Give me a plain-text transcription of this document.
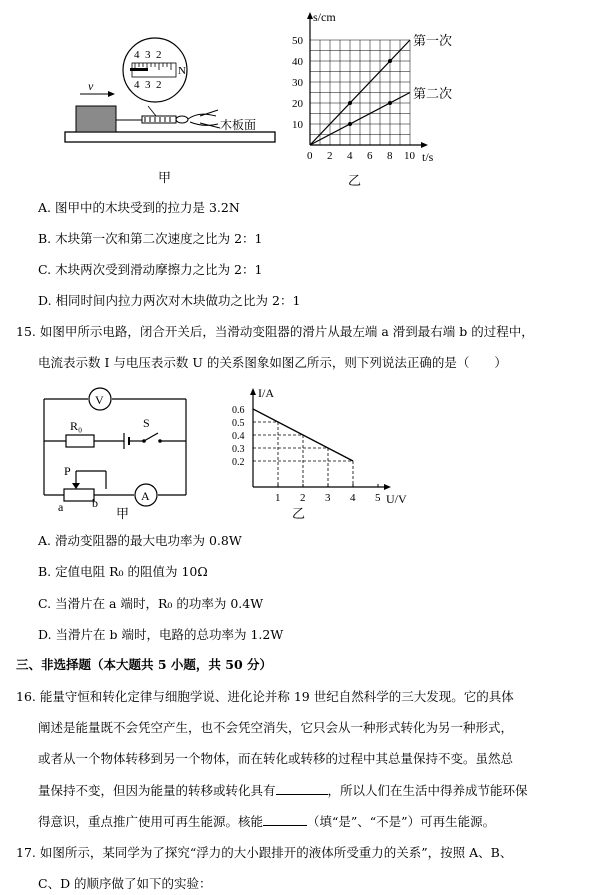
v
木板面
4  3  2
N
4  3  2
甲
10
20
30
40
50
0 2 4 6 8 10
s/cm
t/s
第一次
第二次
乙
A. 图甲中的木块受到的拉力是 3.2N
B. 木块第一次和第二次速度之比为 2：1
C. 木块两次受到滑动摩擦力之比为 2：1
D. 相同时间内拉力两次对木块做功之比为 2：1
15. 如图甲所示电路，闭合开关后，当滑动变阻器的滑片从最左端 a 滑到最右端 b 的过程中，
电流表示数 I 与电压表示数 U 的关系图象如图乙所示，则下列说法正确的是（　　）
V
A
R₀	S
P
a b
甲
0.2
0.3
0.4
0.5
0.6
1 2 3 4 5
I/A
U/V
乙
A. 滑动变阻器的最大电功率为 0.8W
B. 定值电阻 R₀ 的阻值为 10Ω
C. 当滑片在 a 端时，R₀ 的功率为 0.4W
D. 当滑片在 b 端时，电路的总功率为 1.2W
三、非选择题（本大题共 5 小题，共 50 分）
16. 能量守恒和转化定律与细胞学说、进化论并称 19 世纪自然科学的三大发现。它的具体
阐述是能量既不会凭空产生，也不会凭空消失，它只会从一种形式转化为另一种形式，
或者从一个物体转移到另一个物体，而在转化或转移的过程中其总量保持不变。虽然总
量保持不变，但因为能量的转移或转化具有	，所以人们在生活中得养成节能环保
得意识，重点推广使用可再生能源。核能	（填“是”、“不是”）可再生能源。
17. 如图所示，某同学为了探究“浮力的大小跟排开的液体所受重力的关系”，按照 A、B、
C、D 的顺序做了如下的实验：
